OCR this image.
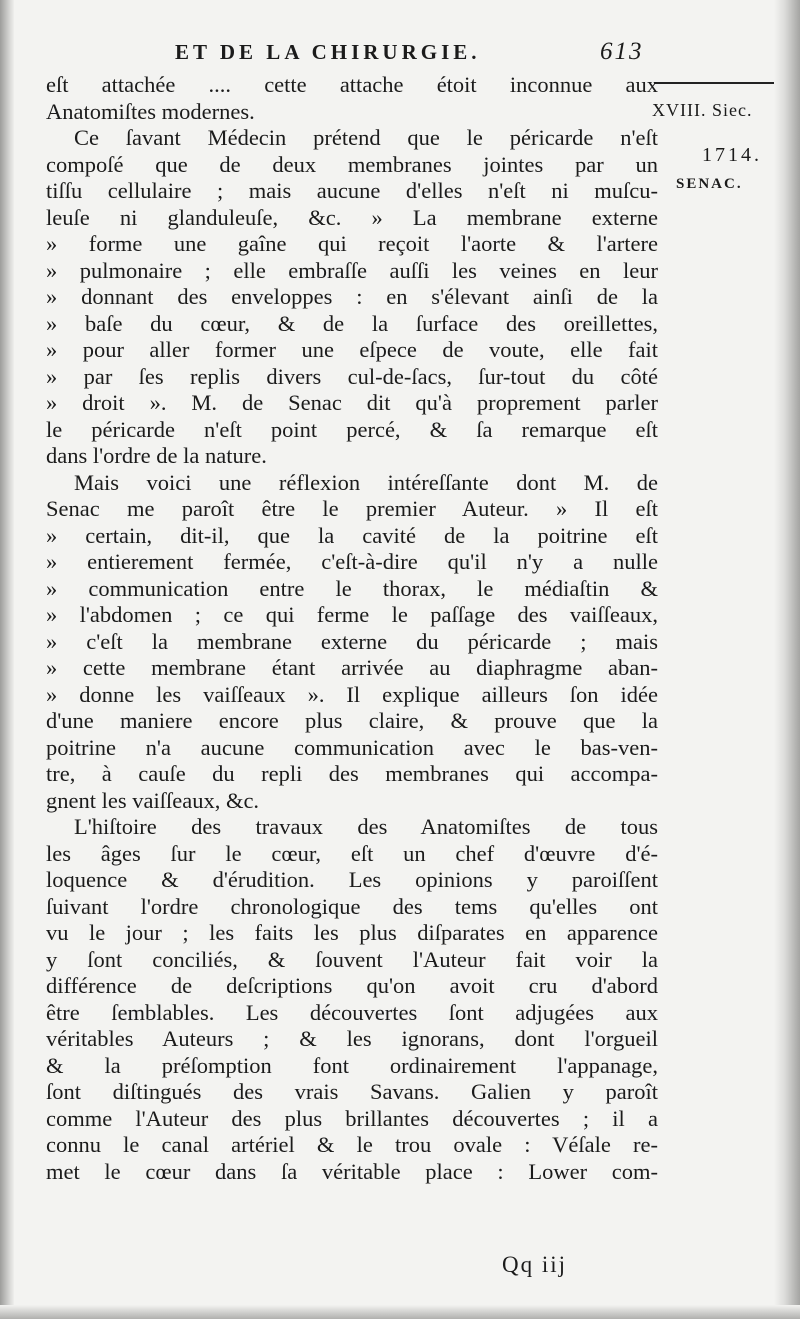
ET DE LA CHIRURGIE.	613
XVIII. Siec.
1714.
SENAC.
eſt attachée .... cette attache étoit inconnue aux
Anatomiſtes modernes.
Ce ſavant Médecin prétend que le péricarde n'eſt
compoſé que de deux membranes jointes par un
tiſſu cellulaire ; mais aucune d'elles n'eſt ni muſcu-
leuſe ni glanduleuſe, &c. » La membrane externe
» forme une gaîne qui reçoit l'aorte & l'artere
» pulmonaire ; elle embraſſe auſſi les veines en leur
» donnant des enveloppes : en s'élevant ainſi de la
» baſe du cœur, & de la ſurface des oreillettes,
» pour aller former une eſpece de voute, elle fait
» par ſes replis divers cul-de-ſacs, ſur-tout du côté
» droit ». M. de Senac dit qu'à proprement parler
le péricarde n'eſt point percé, & ſa remarque eſt
dans l'ordre de la nature.
Mais voici une réflexion intéreſſante dont M. de
Senac me paroît être le premier Auteur. » Il eſt
» certain, dit-il, que la cavité de la poitrine eſt
» entierement fermée, c'eſt-à-dire qu'il n'y a nulle
» communication entre le thorax, le médiaſtin &
» l'abdomen ; ce qui ferme le paſſage des vaiſſeaux,
» c'eſt la membrane externe du péricarde ; mais
» cette membrane étant arrivée au diaphragme aban-
» donne les vaiſſeaux ». Il explique ailleurs ſon idée
d'une maniere encore plus claire, & prouve que la
poitrine n'a aucune communication avec le bas-ven-
tre, à cauſe du repli des membranes qui accompa-
gnent les vaiſſeaux, &c.
L'hiſtoire des travaux des Anatomiſtes de tous
les âges ſur le cœur, eſt un chef d'œuvre d'é-
loquence & d'érudition. Les opinions y paroiſſent
ſuivant l'ordre chronologique des tems qu'elles ont
vu le jour ; les faits les plus diſparates en apparence
y ſont conciliés, & ſouvent l'Auteur fait voir la
différence de deſcriptions qu'on avoit cru d'abord
être ſemblables. Les découvertes ſont adjugées aux
véritables Auteurs ; & les ignorans, dont l'orgueil
& la préſomption font ordinairement l'appanage,
ſont diſtingués des vrais Savans. Galien y paroît
comme l'Auteur des plus brillantes découvertes ; il a
connu le canal artériel & le trou ovale : Véſale re-
met le cœur dans ſa véritable place : Lower com-
Qq iij
